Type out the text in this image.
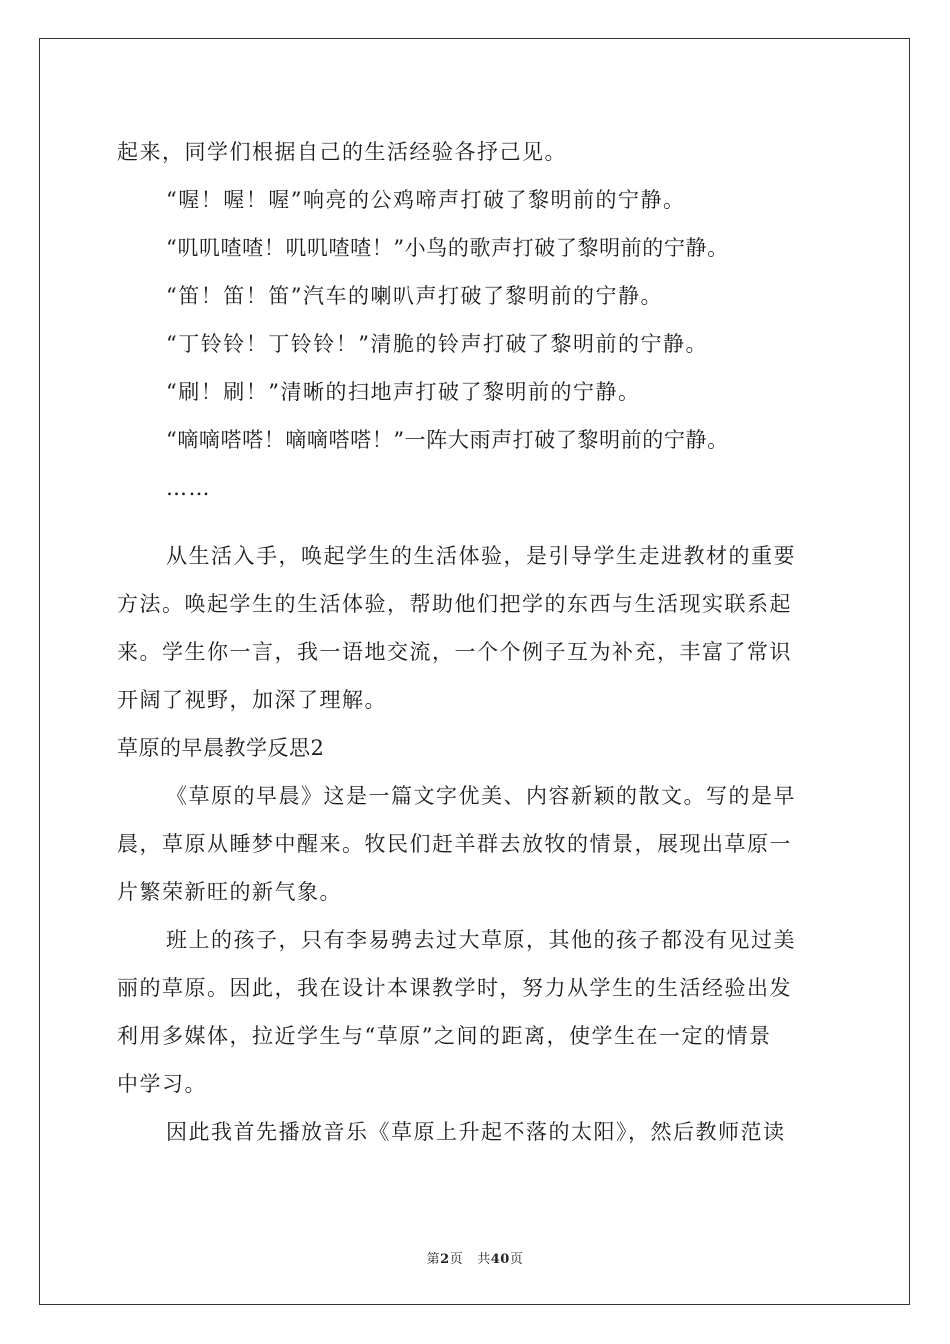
起来，同学们根据自己的生活经验各抒己见。
“喔！喔！喔”响亮的公鸡啼声打破了黎明前的宁静。
“叽叽喳喳！叽叽喳喳！”小鸟的歌声打破了黎明前的宁静。
“笛！笛！笛”汽车的喇叭声打破了黎明前的宁静。
“丁铃铃！丁铃铃！”清脆的铃声打破了黎明前的宁静。
“刷！刷！”清晰的扫地声打破了黎明前的宁静。
“嘀嘀嗒嗒！嘀嘀嗒嗒！”一阵大雨声打破了黎明前的宁静。
……
从生活入手，唤起学生的生活体验，是引导学生走进教材的重要
方法。唤起学生的生活体验，帮助他们把学的东西与生活现实联系起
来。学生你一言，我一语地交流，一个个例子互为补充，丰富了常识
开阔了视野，加深了理解。
草原的早晨教学反思2
《草原的早晨》这是一篇文字优美、内容新颖的散文。写的是早
晨，草原从睡梦中醒来。牧民们赶羊群去放牧的情景，展现出草原一
片繁荣新旺的新气象。
班上的孩子，只有李易骋去过大草原，其他的孩子都没有见过美
丽的草原。因此，我在设计本课教学时，努力从学生的生活经验出发
利用多媒体，拉近学生与“草原”之间的距离，使学生在一定的情景
中学习。
因此我首先播放音乐《草原上升起不落的太阳》，然后教师范读
第2页 共40页
